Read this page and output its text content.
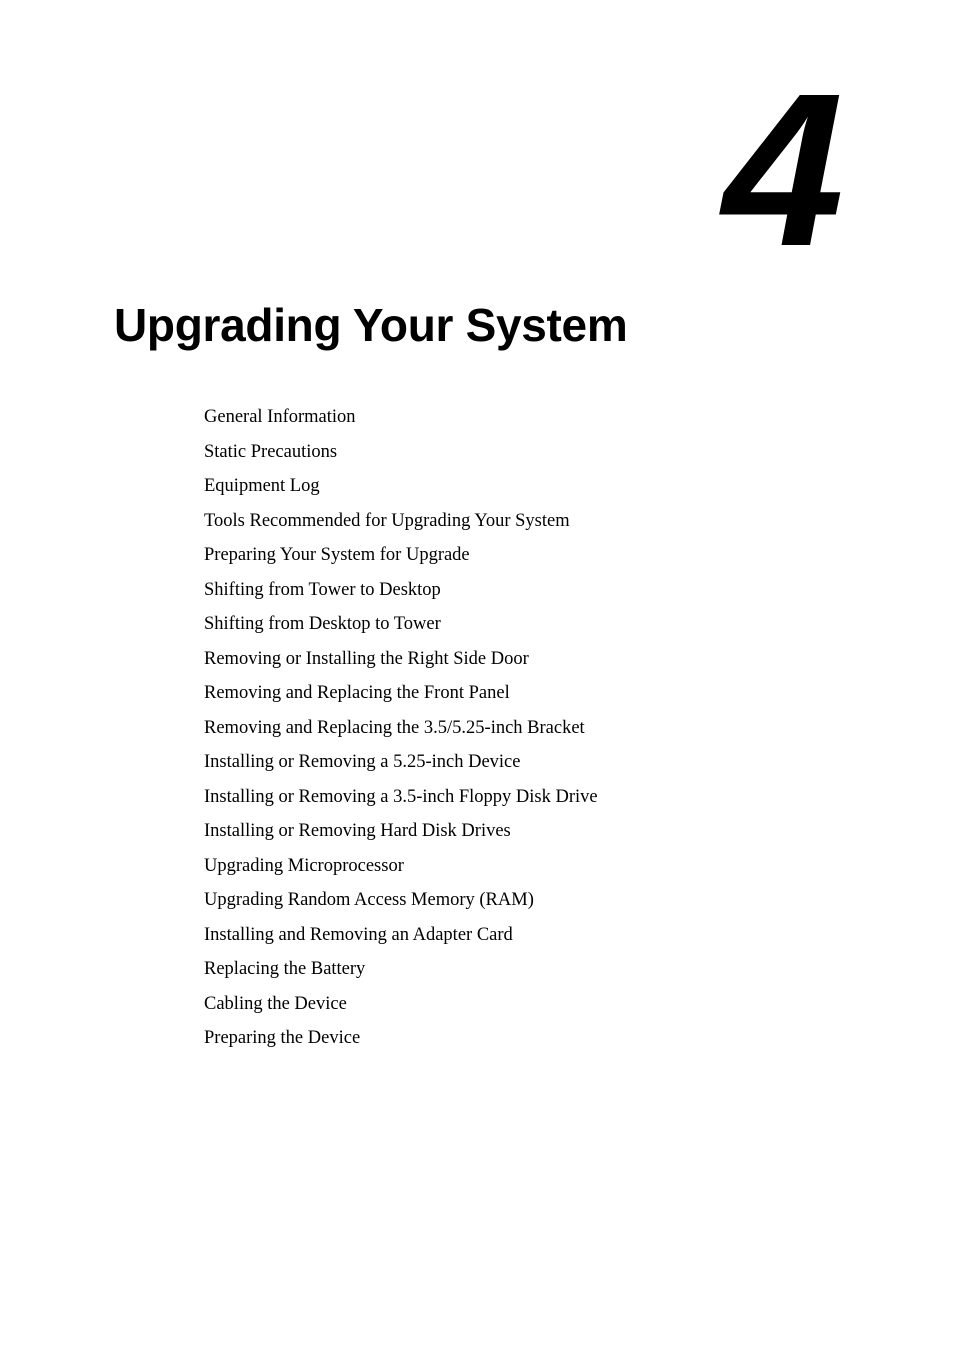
4
Upgrading Your System
General Information
Static Precautions
Equipment Log
Tools Recommended for Upgrading Your System
Preparing Your System for Upgrade
Shifting from Tower to Desktop
Shifting from Desktop to Tower
Removing or Installing the Right Side Door
Removing and Replacing the Front Panel
Removing and Replacing the 3.5/5.25-inch Bracket
Installing or Removing a 5.25-inch Device
Installing or Removing a 3.5-inch Floppy Disk Drive
Installing or Removing Hard Disk Drives
Upgrading Microprocessor
Upgrading Random Access Memory (RAM)
Installing and Removing an Adapter Card
Replacing the Battery
Cabling the Device
Preparing the Device
